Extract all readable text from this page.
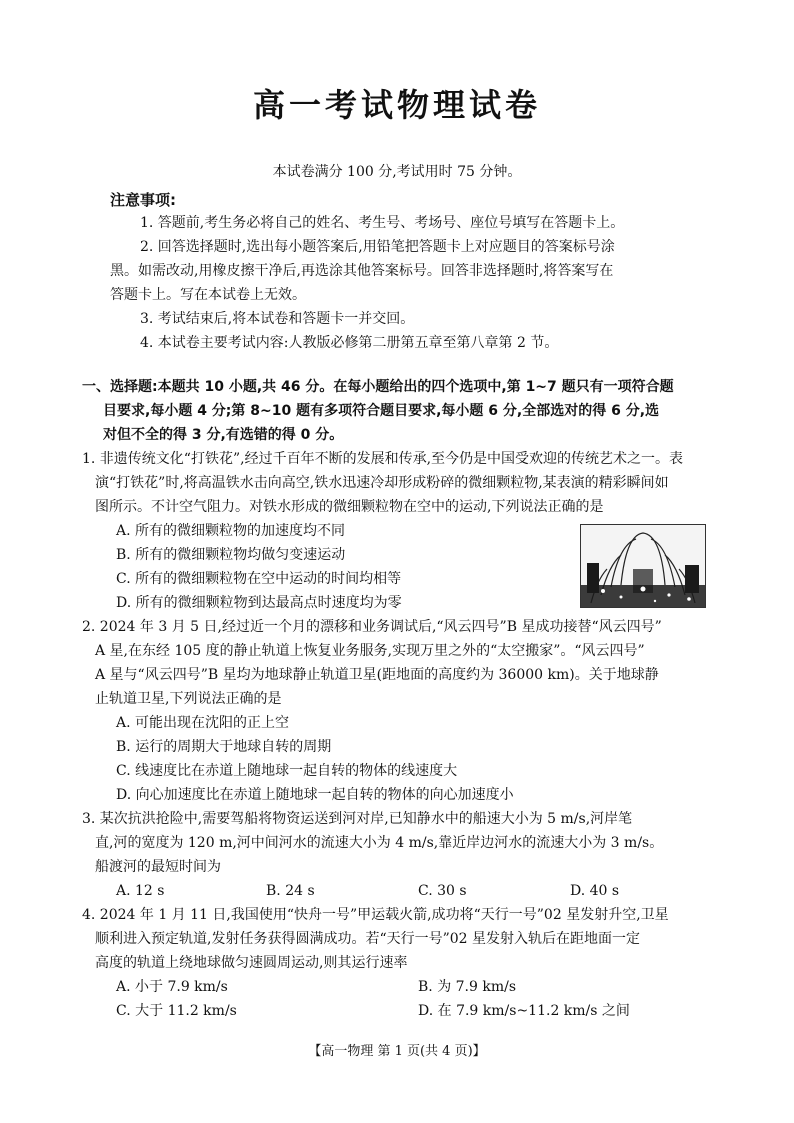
高一考试物理试卷
本试卷满分 100 分,考试用时 75 分钟。
注意事项:
1. 答题前,考生务必将自己的姓名、考生号、考场号、座位号填写在答题卡上。
2. 回答选择题时,选出每小题答案后,用铅笔把答题卡上对应题目的答案标号涂
黑。如需改动,用橡皮擦干净后,再选涂其他答案标号。回答非选择题时,将答案写在
答题卡上。写在本试卷上无效。
3. 考试结束后,将本试卷和答题卡一并交回。
4. 本试卷主要考试内容:人教版必修第二册第五章至第八章第 2 节。
一、选择题:本题共 10 小题,共 46 分。在每小题给出的四个选项中,第 1~7 题只有一项符合题
目要求,每小题 4 分;第 8~10 题有多项符合题目要求,每小题 6 分,全部选对的得 6 分,选
对但不全的得 3 分,有选错的得 0 分。
1. 非遗传统文化“打铁花”,经过千百年不断的发展和传承,至今仍是中国受欢迎的传统艺术之一。表
演“打铁花”时,将高温铁水击向高空,铁水迅速冷却形成粉碎的微细颗粒物,某表演的精彩瞬间如
图所示。不计空气阻力。对铁水形成的微细颗粒物在空中的运动,下列说法正确的是
A. 所有的微细颗粒物的加速度均不同
B. 所有的微细颗粒物均做匀变速运动
C. 所有的微细颗粒物在空中运动的时间均相等
D. 所有的微细颗粒物到达最高点时速度均为零
2. 2024 年 3 月 5 日,经过近一个月的漂移和业务调试后,“风云四号”B 星成功接替“风云四号”
A 星,在东经 105 度的静止轨道上恢复业务服务,实现万里之外的“太空搬家”。“风云四号”
A 星与“风云四号”B 星均为地球静止轨道卫星(距地面的高度约为 36000 km)。关于地球静
止轨道卫星,下列说法正确的是
A. 可能出现在沈阳的正上空
B. 运行的周期大于地球自转的周期
C. 线速度比在赤道上随地球一起自转的物体的线速度大
D. 向心加速度比在赤道上随地球一起自转的物体的向心加速度小
3. 某次抗洪抢险中,需要驾船将物资运送到河对岸,已知静水中的船速大小为 5 m/s,河岸笔
直,河的宽度为 120 m,河中间河水的流速大小为 4 m/s,靠近岸边河水的流速大小为 3 m/s。
船渡河的最短时间为
A. 12 s	B. 24 s	C. 30 s	D. 40 s
4. 2024 年 1 月 11 日,我国使用“快舟一号”甲运载火箭,成功将“天行一号”02 星发射升空,卫星
顺利进入预定轨道,发射任务获得圆满成功。若“天行一号”02 星发射入轨后在距地面一定
高度的轨道上绕地球做匀速圆周运动,则其运行速率
A. 小于 7.9 km/s	B. 为 7.9 km/s
C. 大于 11.2 km/s	D. 在 7.9 km/s~11.2 km/s 之间
【高一物理 第 1 页(共 4 页)】
